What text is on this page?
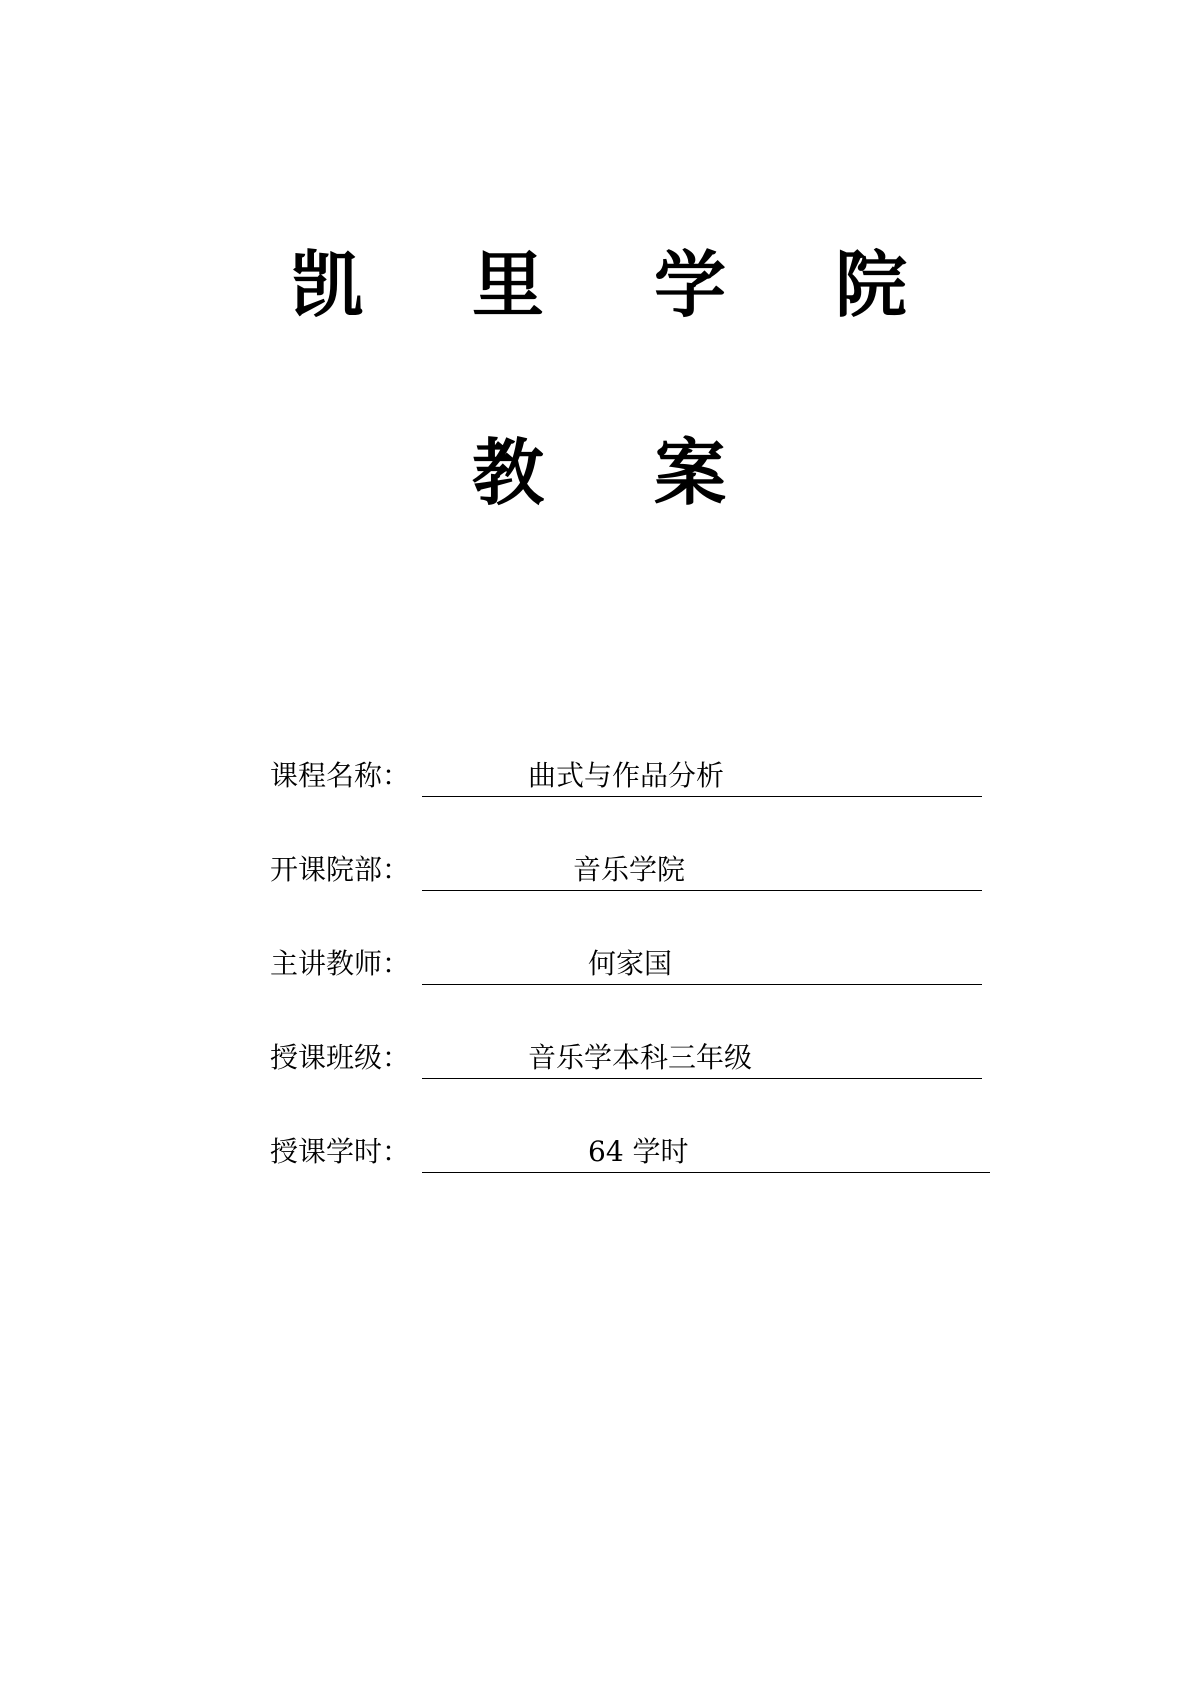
凯 里 学 院
教 案
课程名称：	曲式与作品分析
开课院部：	音乐学院
主讲教师：	何家国
授课班级：	音乐学本科三年级
授课学时：	64 学时
